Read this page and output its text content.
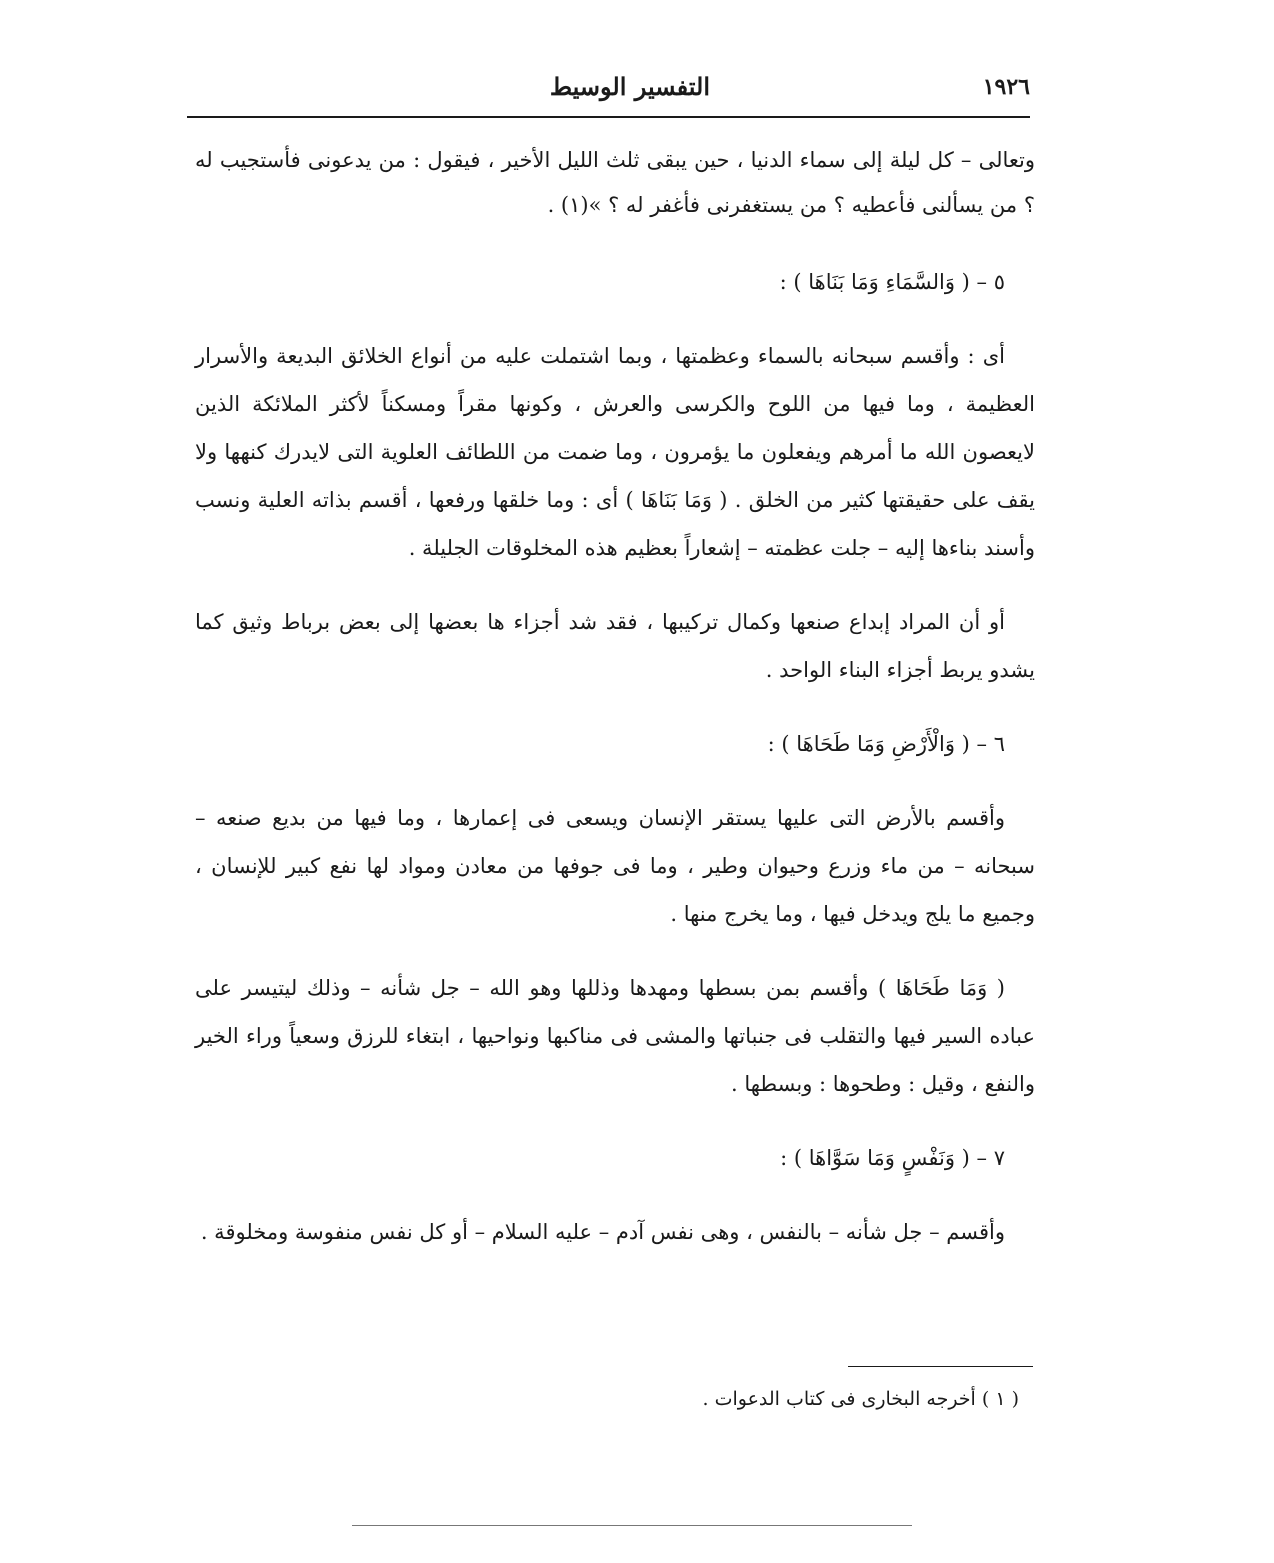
١٩٢٦
التفسير الوسيط

وتعالى – كل ليلة إلى سماء الدنيا ، حين يبقى ثلث الليل الأخير ، فيقول : من يدعونى فأستجيب له ؟ من يسألنى فأعطيه ؟ من يستغفرنى فأغفر له ؟ »(١) .

٥ – ( وَالسَّمَاءِ وَمَا بَنَاهَا ) :

أى : وأقسم سبحانه بالسماء وعظمتها ، وبما اشتملت عليه من أنواع الخلائق البديعة والأسرار العظيمة ، وما فيها من اللوح والكرسى والعرش ، وكونها مقراً ومسكناً لأكثر الملائكة الذين لايعصون الله ما أمرهم ويفعلون ما يؤمرون ، وما ضمت من اللطائف العلوية التى لايدرك كنهها ولا يقف على حقيقتها كثير من الخلق . ( وَمَا بَنَاهَا ) أى : وما خلقها ورفعها ، أقسم بذاته العلية ونسب وأسند بناءها إليه – جلت عظمته – إشعاراً بعظيم هذه المخلوقات الجليلة .

أو أن المراد إبداع صنعها وكمال تركيبها ، فقد شد أجزاء ها بعضها إلى بعض برباط وثيق كما يشدو يربط أجزاء البناء الواحد .

٦ – ( وَالْأَرْضِ وَمَا طَحَاهَا ) :

وأقسم بالأرض التى عليها يستقر الإنسان ويسعى فى إعمارها ، وما فيها من بديع صنعه – سبحانه – من ماء وزرع وحيوان وطير ، وما فى جوفها من معادن ومواد لها نفع كبير للإنسان ، وجميع ما يلج ويدخل فيها ، وما يخرج منها .

( وَمَا طَحَاهَا ) وأقسم بمن بسطها ومهدها وذللها وهو الله – جل شأنه – وذلك ليتيسر على عباده السير فيها والتقلب فى جنباتها والمشى فى مناكبها ونواحيها ، ابتغاء للرزق وسعياً وراء الخير والنفع ، وقيل : وطحوها : وبسطها .

٧ – ( وَنَفْسٍ وَمَا سَوَّاهَا ) :

وأقسم – جل شأنه – بالنفس ، وهى نفس آدم – عليه السلام – أو كل نفس منفوسة ومخلوقة .

( ١ ) أخرجه البخارى فى كتاب الدعوات .
